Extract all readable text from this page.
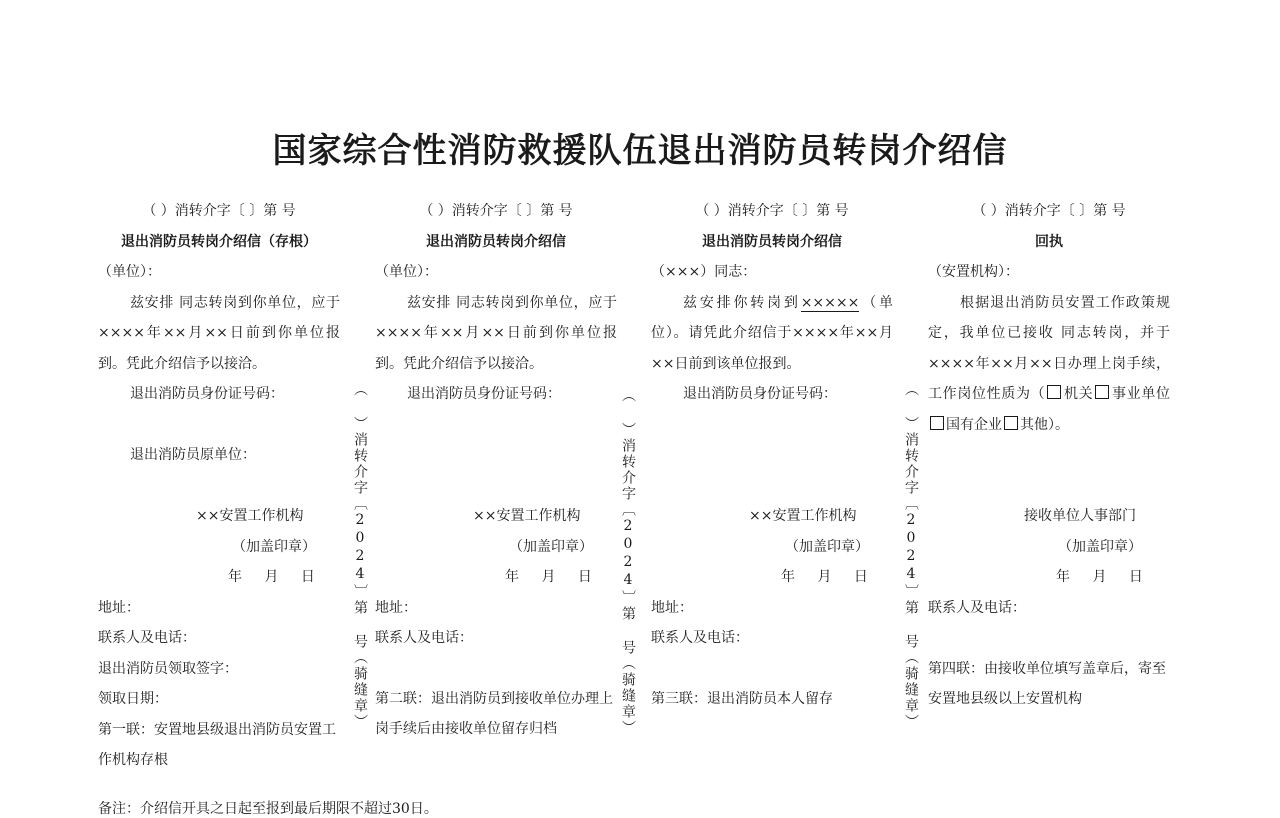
国家综合性消防救援队伍退出消防员转岗介绍信
（ ）消转介字〔 〕第 号
退出消防员转岗介绍信（存根）
（单位）：
兹安排 同志转岗到你单位，应于××××年××月××日前到你单位报到。凭此介绍信予以接洽。
退出消防员身份证号码：
退出消防员原单位：
××安置工作机构
（加盖印章）
年 月 日
地址：
联系人及电话：
退出消防员领取签字：
领取日期：
第一联：安置地县级退出消防员安置工作机构存根
备注：介绍信开具之日起至报到最后期限不超过30日。
（ ）消转介字〔2024〕第 号（骑缝章）
（ ）消转介字〔 〕第 号
退出消防员转岗介绍信
（单位）：
兹安排 同志转岗到你单位，应于××××年××月××日前到你单位报到。凭此介绍信予以接洽。
退出消防员身份证号码：
××安置工作机构
（加盖印章）
年 月 日
地址：
联系人及电话：
第二联：退出消防员到接收单位办理上岗手续后由接收单位留存归档	（ ）消转介字〔2024〕第 号（骑缝章）
（ ）消转介字〔 〕第 号
退出消防员转岗介绍信
（×××）同志：
兹安排你转岗到×××××（单位）。请凭此介绍信于××××年××月××日前到该单位报到。
退出消防员身份证号码：
××安置工作机构
（加盖印章）
年 月 日
地址：
联系人及电话：
第三联：退出消防员本人留存	（ ）消转介字〔2024〕第 号（骑缝章）
（ ）消转介字〔 〕第 号
回执
（安置机构）：
根据退出消防员安置工作政策规定，我单位已接收 同志转岗，并于××××年××月××日办理上岗手续，工作岗位性质为（ 机关 事业单位国有企业 其他）。
接收单位人事部门
（加盖印章）
年 月 日
联系人及电话：
第四联：由接收单位填写盖章后，寄至安置地县级以上安置机构
